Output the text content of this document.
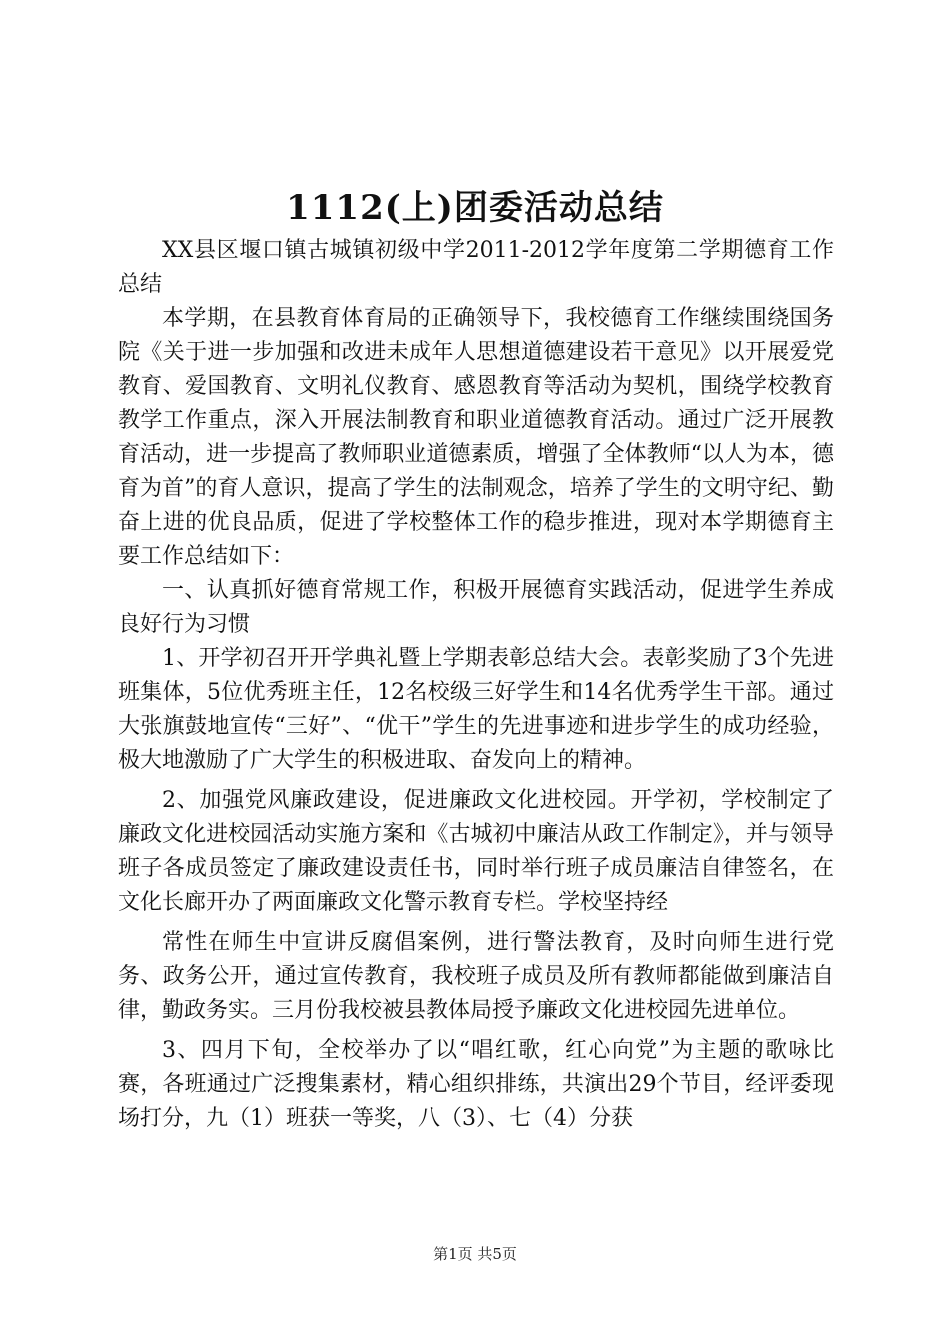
1112(上)团委活动总结

XX县区堰口镇古城镇初级中学2011-2012学年度第二学期德育工作总结

本学期，在县教育体育局的正确领导下，我校德育工作继续围绕国务院《关于进一步加强和改进未成年人思想道德建设若干意见》以开展爱党教育、爱国教育、文明礼仪教育、感恩教育等活动为契机，围绕学校教育教学工作重点，深入开展法制教育和职业道德教育活动。通过广泛开展教育活动，进一步提高了教师职业道德素质，增强了全体教师“以人为本，德育为首”的育人意识，提高了学生的法制观念，培养了学生的文明守纪、勤奋上进的优良品质，促进了学校整体工作的稳步推进，现对本学期德育主要工作总结如下：

一、认真抓好德育常规工作，积极开展德育实践活动，促进学生养成良好行为习惯

1、开学初召开开学典礼暨上学期表彰总结大会。表彰奖励了3个先进班集体，5位优秀班主任，12名校级三好学生和14名优秀学生干部。通过大张旗鼓地宣传“三好”、“优干”学生的先进事迹和进步学生的成功经验，极大地激励了广大学生的积极进取、奋发向上的精神。

2、加强党风廉政建设，促进廉政文化进校园。开学初，学校制定了廉政文化进校园活动实施方案和《古城初中廉洁从政工作制定》，并与领导班子各成员签定了廉政建设责任书，同时举行班子成员廉洁自律签名，在文化长廊开办了两面廉政文化警示教育专栏。学校坚持经

常性在师生中宣讲反腐倡案例，进行警法教育，及时向师生进行党务、政务公开，通过宣传教育，我校班子成员及所有教师都能做到廉洁自律，勤政务实。三月份我校被县教体局授予廉政文化进校园先进单位。

3、四月下旬，全校举办了以“唱红歌，红心向党”为主题的歌咏比赛，各班通过广泛搜集素材，精心组织排练，共演出29个节目，经评委现场打分，九（1）班获一等奖，八（3）、七（4）分获

第1页 共5页
